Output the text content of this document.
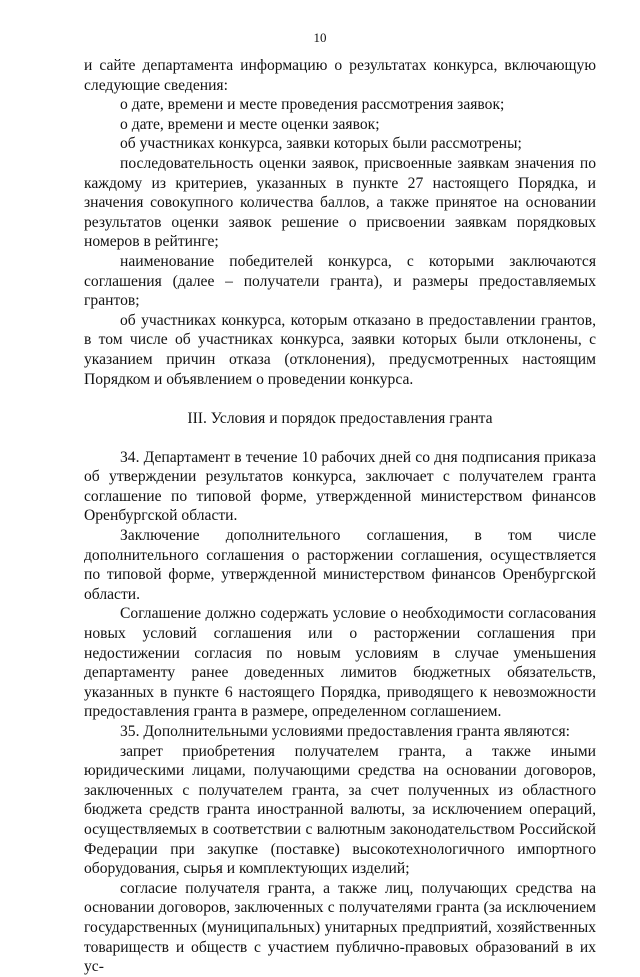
10

и сайте департамента информацию о результатах конкурса, включающую следующие сведения:

о дате, времени и месте проведения рассмотрения заявок;

о дате, времени и месте оценки заявок;

об участниках конкурса, заявки которых были рассмотрены;

последовательность оценки заявок, присвоенные заявкам значения по каждому из критериев, указанных в пункте 27 настоящего Порядка, и значения совокупного количества баллов, а также принятое на основании результатов оценки заявок решение о присвоении заявкам порядковых номеров в рейтинге;

наименование победителей конкурса, с которыми заключаются соглашения (далее – получатели гранта), и размеры предоставляемых грантов;

об участниках конкурса, которым отказано в предоставлении грантов, в том числе об участниках конкурса, заявки которых были отклонены, с указанием причин отказа (отклонения), предусмотренных настоящим Порядком и объявлением о проведении конкурса.

III. Условия и порядок предоставления гранта

34. Департамент в течение 10 рабочих дней со дня подписания приказа об утверждении результатов конкурса, заключает с получателем гранта соглашение по типовой форме, утвержденной министерством финансов Оренбургской области.

Заключение дополнительного соглашения, в том числе дополнительного соглашения о расторжении соглашения, осуществляется по типовой форме, утвержденной министерством финансов Оренбургской области.

Соглашение должно содержать условие о необходимости согласования новых условий соглашения или о расторжении соглашения при недостижении согласия по новым условиям в случае уменьшения департаменту ранее доведенных лимитов бюджетных обязательств, указанных в пункте 6 настоящего Порядка, приводящего к невозможности предоставления гранта в размере, определенном соглашением.

35. Дополнительными условиями предоставления гранта являются:

запрет приобретения получателем гранта, а также иными юридическими лицами, получающими средства на основании договоров, заключенных с получателем гранта, за счет полученных из областного бюджета средств гранта иностранной валюты, за исключением операций, осуществляемых в соответствии с валютным законодательством Российской Федерации при закупке (поставке) высокотехнологичного импортного оборудования, сырья и комплектующих изделий;

согласие получателя гранта, а также лиц, получающих средства на основании договоров, заключенных с получателями гранта (за исключением государственных (муниципальных) унитарных предприятий, хозяйственных товариществ и обществ с участием публично-правовых образований в их ус-
